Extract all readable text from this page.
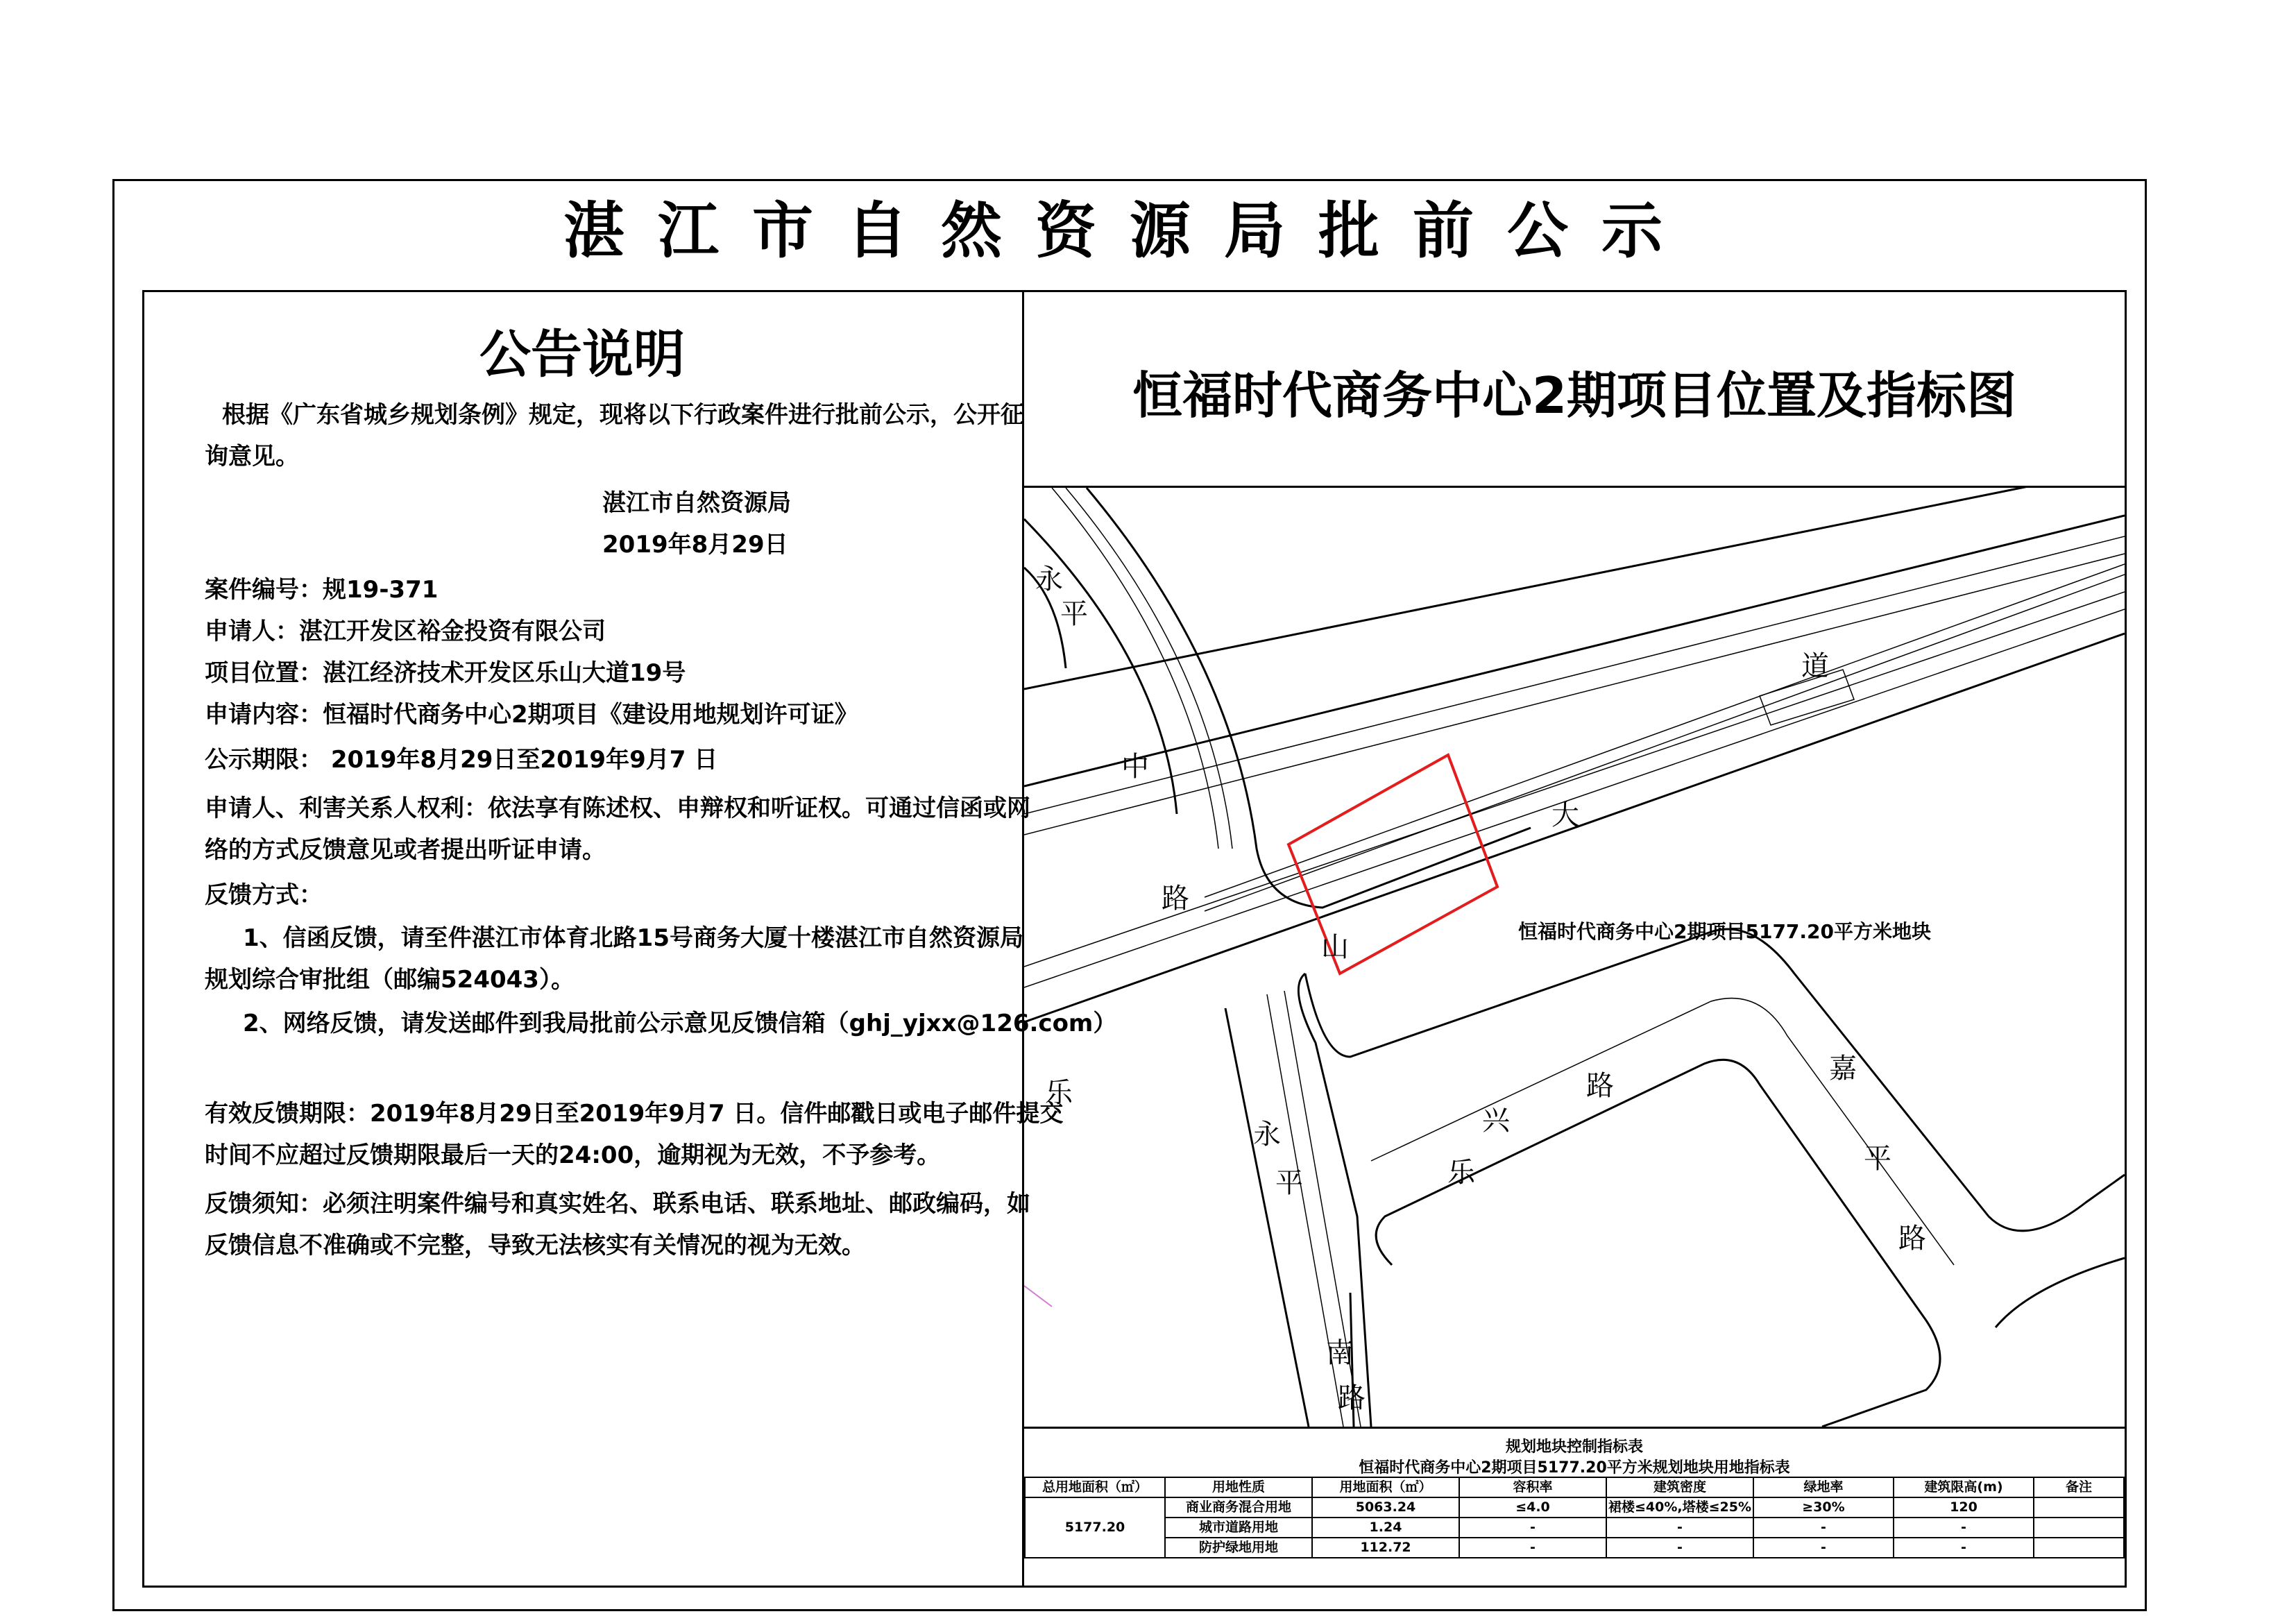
湛江市自然资源局批前公示
公告说明
根据《广东省城乡规划条例》规定，现将以下行政案件进行批前公示，公开征
询意见。
湛江市自然资源局
2019年8月29日
案件编号：规19-371
申请人：湛江开发区裕金投资有限公司
项目位置：湛江经济技术开发区乐山大道19号
申请内容：恒福时代商务中心2期项目《建设用地规划许可证》
公示期限： 2019年8月29日至2019年9月7 日
申请人、利害关系人权利：依法享有陈述权、申辩权和听证权。可通过信函或网
络的方式反馈意见或者提出听证申请。
反馈方式：
1、信函反馈，请至件湛江市体育北路15号商务大厦十楼湛江市自然资源局
规划综合审批组（邮编524043）。
2、网络反馈，请发送邮件到我局批前公示意见反馈信箱（ghj_yjxx@126.com）
有效反馈期限：2019年8月29日至2019年9月7 日。信件邮戳日或电子邮件提交
时间不应超过反馈期限最后一天的24:00，逾期视为无效，不予参考。
反馈须知：必须注明案件编号和真实姓名、联系电话、联系地址、邮政编码，如
反馈信息不准确或不完整，导致无法核实有关情况的视为无效。
恒福时代商务中心2期项目位置及指标图
永
平
中
路
乐
山
大
道
永
平
南
路
乐
兴
路
嘉
平
路
恒福时代商务中心2期项目5177.20平方米地块
规划地块控制指标表
恒福时代商务中心2期项目5177.20平方米规划地块用地指标表
总用地面积（㎡）	用地性质	用地面积（㎡）	容积率	建筑密度	绿地率	建筑限高(m)	备注
5177.20	商业商务混合用地	5063.24	≤4.0	裙楼≤40%,塔楼≤25%	≥30%	120	
	城市道路用地	1.24	-	-	-	-	
	防护绿地用地	112.72	-	-	-	-	
